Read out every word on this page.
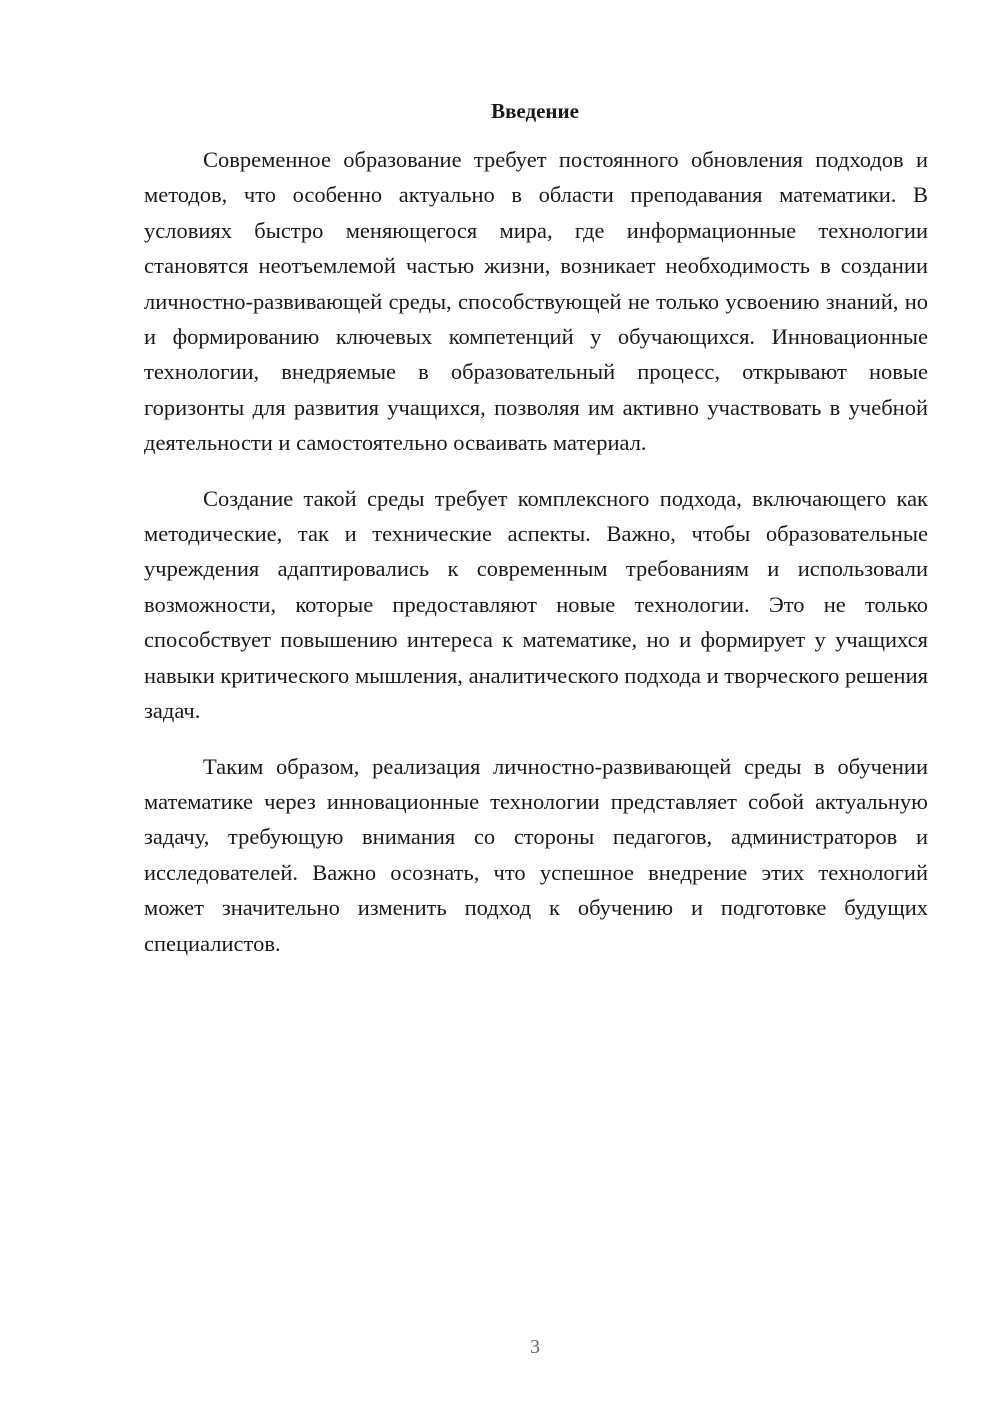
Введение

Современное образование требует постоянного обновления подходов и методов, что особенно актуально в области преподавания математики. В условиях быстро меняющегося мира, где информационные технологии становятся неотъемлемой частью жизни, возникает необходимость в создании личностно-развивающей среды, способствующей не только усвоению знаний, но и формированию ключевых компетенций у обучающихся. Инновационные технологии, внедряемые в образовательный процесс, открывают новые горизонты для развития учащихся, позволяя им активно участвовать в учебной деятельности и самостоятельно осваивать материал.

Создание такой среды требует комплексного подхода, включающего как методические, так и технические аспекты. Важно, чтобы образовательные учреждения адаптировались к современным требованиям и использовали возможности, которые предоставляют новые технологии. Это не только способствует повышению интереса к математике, но и формирует у учащихся навыки критического мышления, аналитического подхода и творческого решения задач.

Таким образом, реализация личностно-развивающей среды в обучении математике через инновационные технологии представляет собой актуальную задачу, требующую внимания со стороны педагогов, администраторов и исследователей. Важно осознать, что успешное внедрение этих технологий может значительно изменить подход к обучению и подготовке будущих специалистов.

3
